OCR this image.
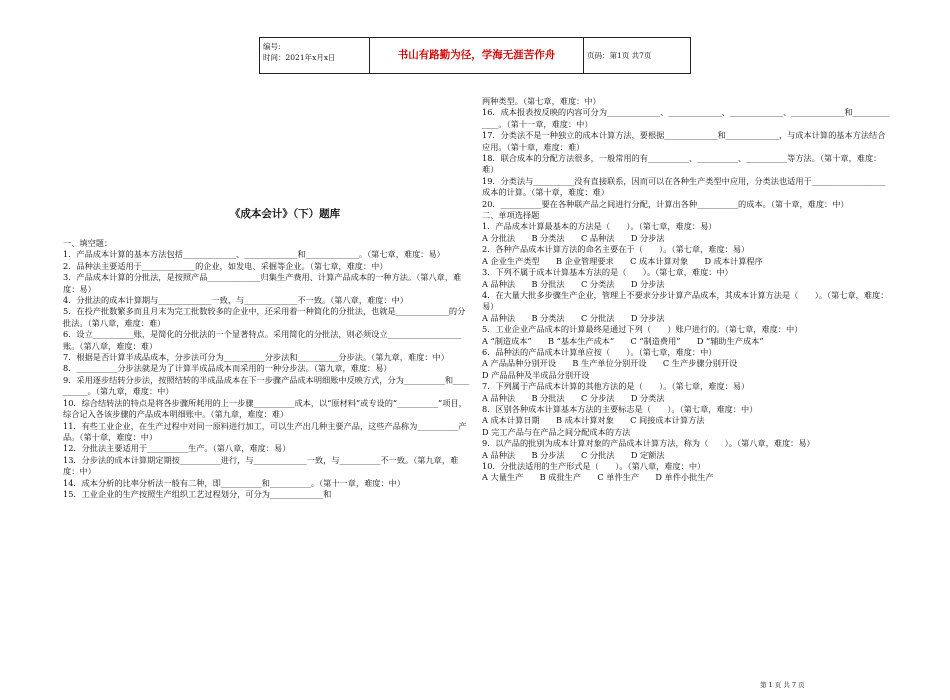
编号:
时间：2021年x月x日	书山有路勤为径，学海无涯苦作舟	页码：第1页 共7页
《成本会计》（下）题库

一、填空题：

1．产品成本计算的基本方法包括_____________、_____________和_____________。（第七章，难度：易）

2．品种法主要适用于_____________的企业，如发电、采掘等企业。（第七章，难度：中）

3．产品成本计算的分批法，是按照产品_____________归集生产费用、计算产品成本的一种方法。（第八章，难度：易）

4．分批法的成本计算期与_____________一致，与_____________不一致。（第八章，难度：中）

5．在投产批数繁多而且月末为完工批数较多的企业中，还采用着一种简化的分批法，也就是_____________的分批法。（第八章，难度：难）

6．设立__________账，是简化的分批法的一个显著特点。采用简化的分批法，则必须设立__________________账。（第八章，难度：难）

7．根据是否计算半成品成本，分步法可分为__________分步法和__________分步法。（第九章，难度：中）

8．__________分步法就是为了计算半成品成本而采用的一种分步法。（第九章，难度：易）

9．采用逐步结转分步法，按照结转的半成品成本在下一步骤产品成本明细账中反映方式，分为__________和__________。（第九章，难度：中）

10．综合结转法的特点是将各步骤所耗用的上一步骤__________成本，以“原材料”或专设的“__________”项目，综合记入各该步骤的产品成本明细账中。（第九章，难度：难）

11．有些工业企业，在生产过程中对同一原料进行加工，可以生产出几种主要产品，这些产品称为__________产品。（第十章，难度：中）

12．分批法主要适用于__________生产。（第八章，难度：易）

13．分步法的成本计算期定期按__________进行，与_____________一致，与__________不一致。（第九章，难度：中）

14．成本分析的比率分析法一般有二种，即__________和__________。（第十一章，难度：中）

15．工业企业的生产按照生产组织工艺过程划分，可分为_____________和

两种类型。（第七章，难度：中）

16．成本报表按反映的内容可分为_____________、_____________、_____________、_____________和_____________。（第十一章，难度：中）

17．分类法不是一种独立的成本计算方法，要根据_____________和_____________，与成本计算的基本方法结合应用。（第十章，难度：难）

18．联合成本的分配方法很多，一般常用的有__________、__________、__________等方法。（第十章，难度：难）

19．分类法与__________没有直接联系，因而可以在各种生产类型中应用，分类法也适用于__________________成本的计算。（第十章，难度：难）

20．__________要在各种联产品之间进行分配，计算出各种__________的成本。（第十章，难度：中）

二、单项选择题

1．产品成本计算最基本的方法是（　　）。（第七章，难度：易）

A 分批法　　B 分类法　　C 品种法　　D 分步法

2．各种产品成本计算方法的命名主要在于（　　）。（第七章，难度：易）

A 企业生产类型　　B 企业管理要求　　C 成本计算对象　　D 成本计算程序

3．下列不属于成本计算基本方法的是（　　）。（第七章，难度：中）

A 品种法　　B 分批法　　C 分类法　　D 分步法

4．在大量大批多步骤生产企业，管理上不要求分步计算产品成本，其成本计算方法是（　　）。（第七章，难度：易）

A 品种法　　B 分类法　　C 分批法　　D 分步法

5．工业企业产品成本的计算最终是通过下列（　　）账户进行的。（第七章，难度：中）

A “制造成本”　　B “基本生产成本”　　C “制造费用”　　D “辅助生产成本”

6．品种法的产品成本计算单应按（　　）。（第七章，难度：中）

A 产品品种分别开设　　B 生产单位分别开设　　C 生产步骤分别开设

D 产品品种及半成品分别开设

7．下列属于产品成本计算的其他方法的是（　　）。（第七章，难度：易）

A 品种法　　B 分批法　　C 分步法　　D 分类法

8．区别各种成本计算基本方法的主要标志是（　　）。（第七章，难度：中）

A 成本计算日期　　B 成本计算对象　　C 间接成本计算方法

D 完工产品与在产品之间分配成本的方法

9．以产品的批别为成本计算对象的产品成本计算方法，称为（　　）。（第八章，难度：易）

A 品种法　　B 分步法　　C 分批法　　D 定额法

10．分批法适用的生产形式是（　　）。（第八章，难度：中）

A 大量生产　　B 成批生产　　C 单件生产　　D 单件小批生产

第 1 页 共 7 页
